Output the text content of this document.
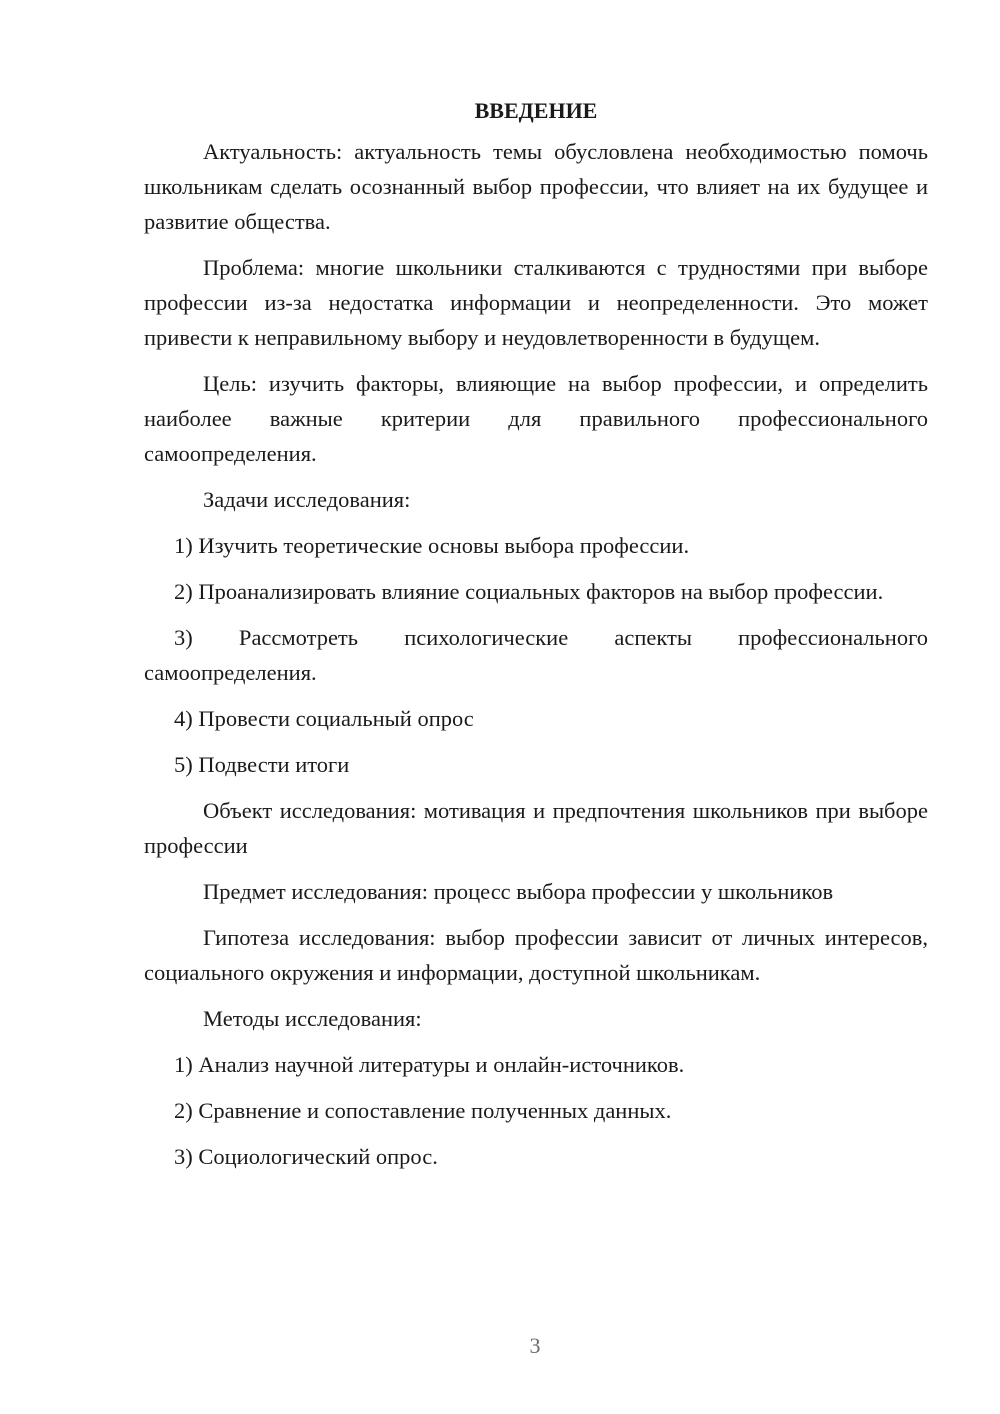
ВВЕДЕНИЕ

Актуальность: актуальность темы обусловлена необходимостью помочь школьникам сделать осознанный выбор профессии, что влияет на их будущее и развитие общества.

Проблема: многие школьники сталкиваются с трудностями при выборе профессии из-за недостатка информации и неопределенности. Это может привести к неправильному выбору и неудовлетворенности в будущем.

Цель: изучить факторы, влияющие на выбор профессии, и определить наиболее важные критерии для правильного профессионального самоопределения.

Задачи исследования:

1) Изучить теоретические основы выбора профессии.

2) Проанализировать влияние социальных факторов на выбор профессии.

3) Рассмотреть психологические аспекты профессионального самоопределения.

4) Провести социальный опрос

5) Подвести итоги

Объект исследования: мотивация и предпочтения школьников при выборе профессии

Предмет исследования: процесс выбора профессии у школьников

Гипотеза исследования: выбор профессии зависит от личных интересов, социального окружения и информации, доступной школьникам.

Методы исследования:

1) Анализ научной литературы и онлайн-источников.

2) Сравнение и сопоставление полученных данных.

3) Социологический опрос.

3
